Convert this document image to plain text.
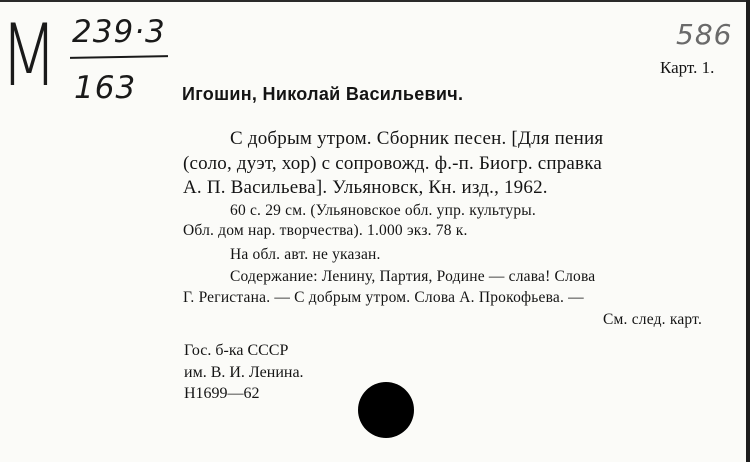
М 239·3
163
586
Карт. 1.
Игошин, Николай Васильевич.
С добрым утром. Сборник песен. [Для пения
(соло, дуэт, хор) с сопровожд. ф.-п. Биогр. справка
А. П. Васильева]. Ульяновск, Кн. изд., 1962.
60 с. 29 см. (Ульяновское обл. упр. культуры.
Обл. дом нар. творчества). 1.000 экз. 78 к.
На обл. авт. не указан.
Содержание: Ленину, Партия, Родине — слава! Слова
Г. Регистана. — С добрым утром. Слова А. Прокофьева. —
См. след. карт.
Гос. б-ка СССР
им. В. И. Ленина.
Н1699—62
